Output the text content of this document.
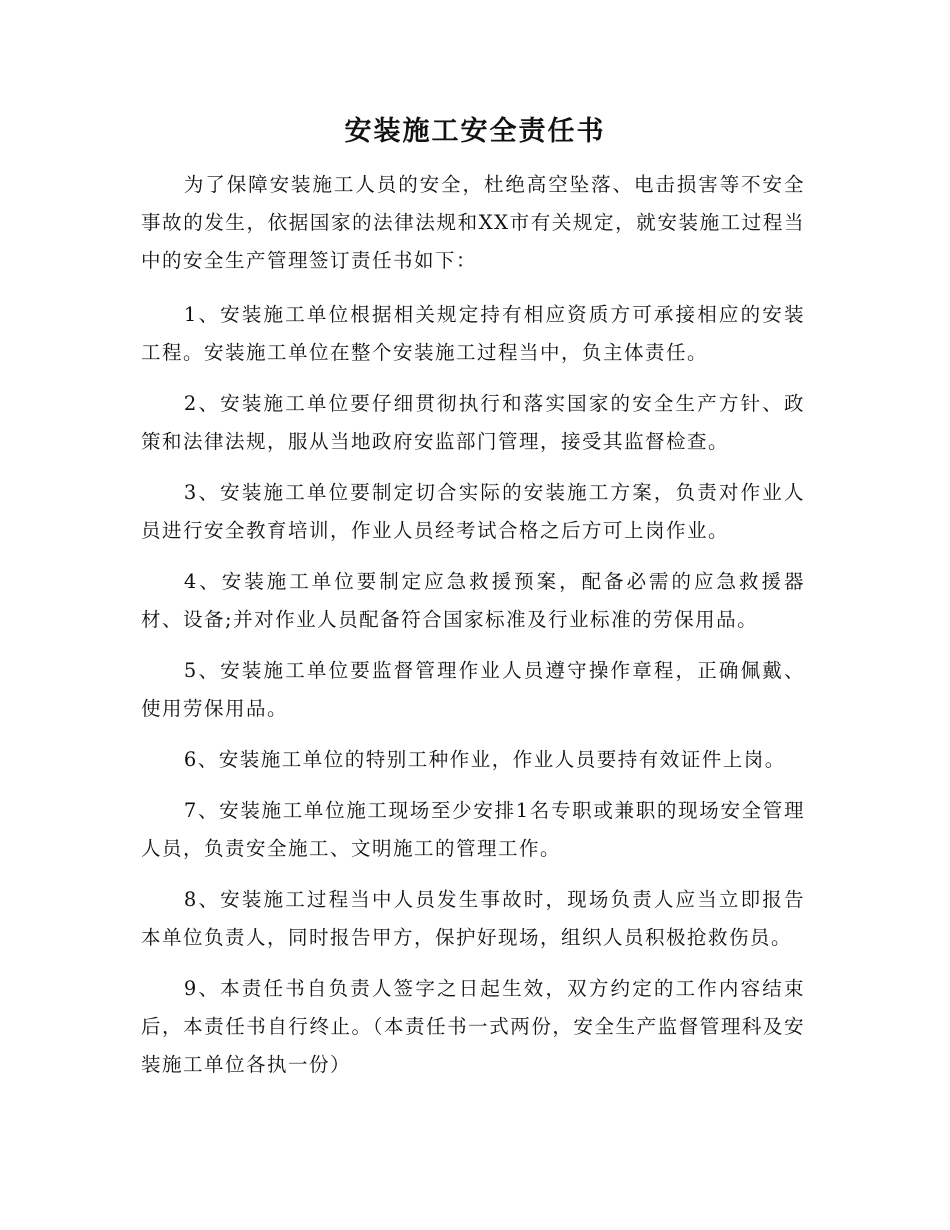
安装施工安全责任书

为了保障安装施工人员的安全，杜绝高空坠落、电击损害等不安全事故的发生，依据国家的法律法规和XX市有关规定，就安装施工过程当中的安全生产管理签订责任书如下：

1、安装施工单位根据相关规定持有相应资质方可承接相应的安装工程。安装施工单位在整个安装施工过程当中，负主体责任。

2、安装施工单位要仔细贯彻执行和落实国家的安全生产方针、政策和法律法规，服从当地政府安监部门管理，接受其监督检查。

3、安装施工单位要制定切合实际的安装施工方案，负责对作业人员进行安全教育培训，作业人员经考试合格之后方可上岗作业。

4、安装施工单位要制定应急救援预案，配备必需的应急救援器材、设备;并对作业人员配备符合国家标准及行业标准的劳保用品。

5、安装施工单位要监督管理作业人员遵守操作章程，正确佩戴、使用劳保用品。

6、安装施工单位的特别工种作业，作业人员要持有效证件上岗。

7、安装施工单位施工现场至少安排1名专职或兼职的现场安全管理人员，负责安全施工、文明施工的管理工作。

8、安装施工过程当中人员发生事故时，现场负责人应当立即报告本单位负责人，同时报告甲方，保护好现场，组织人员积极抢救伤员。

9、本责任书自负责人签字之日起生效，双方约定的工作内容结束后，本责任书自行终止。（本责任书一式两份，安全生产监督管理科及安装施工单位各执一份）
